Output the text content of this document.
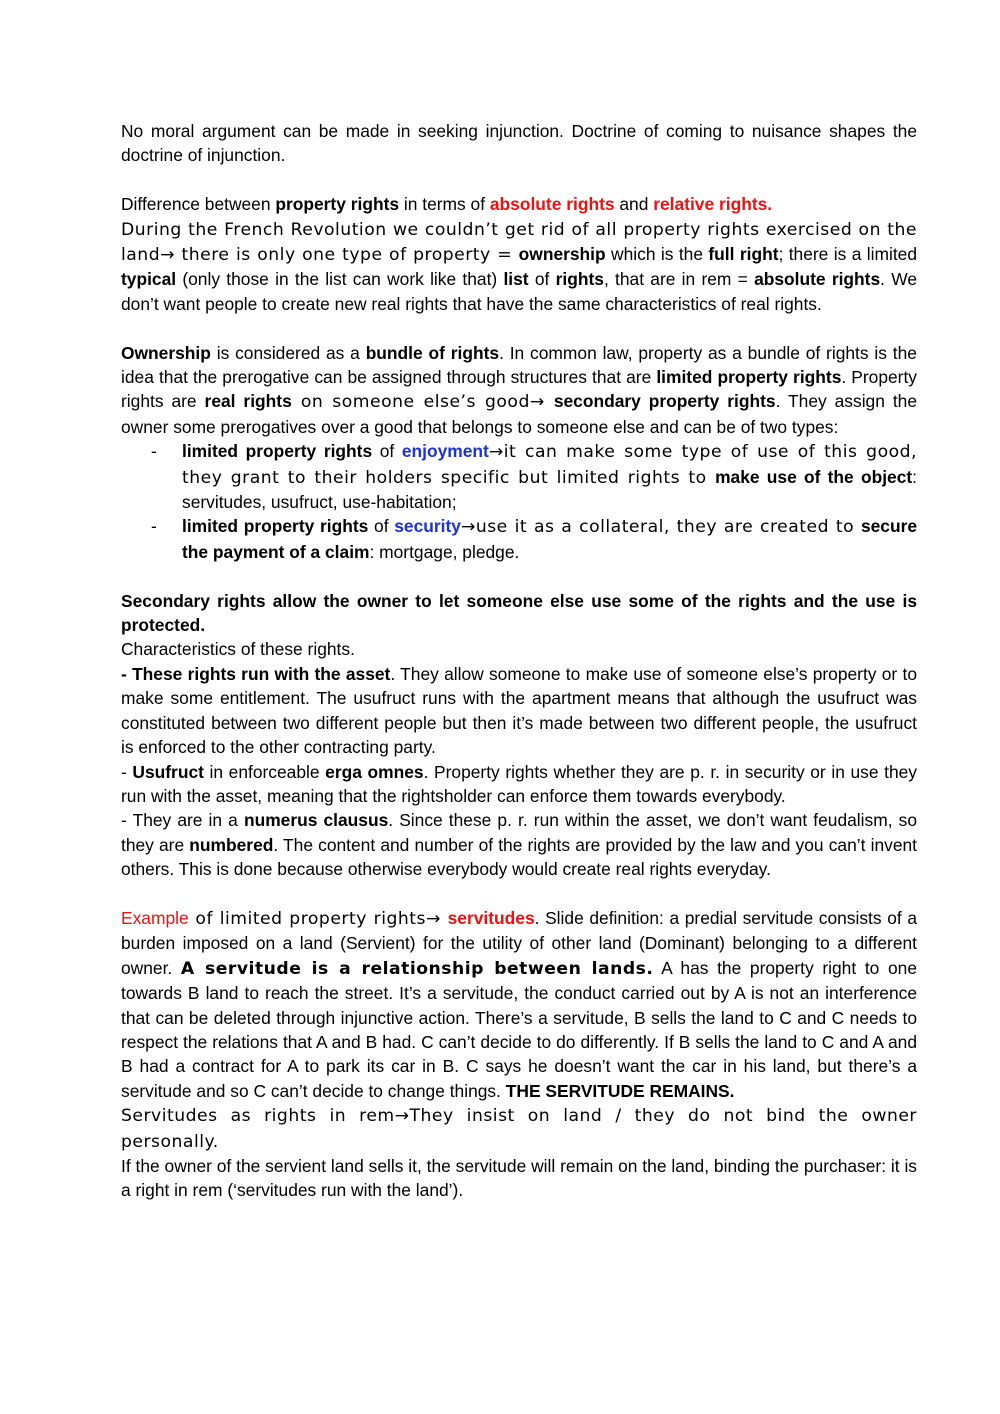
No moral argument can be made in seeking injunction. Doctrine of coming to nuisance shapes the doctrine of injunction.

Difference between property rights in terms of absolute rights and relative rights.

During the French Revolution we couldn’t get rid of all property rights exercised on the land→ there is only one type of property = ownership which is the full right; there is a limited typical (only those in the list can work like that) list of rights, that are in rem = absolute rights. We don’t want people to create new real rights that have the same characteristics of real rights.

Ownership is considered as a bundle of rights. In common law, property as a bundle of rights is the idea that the prerogative can be assigned through structures that are limited property rights. Property rights are real rights on someone else’s good→ secondary property rights. They assign the owner some prerogatives over a good that belongs to someone else and can be of two types:

- limited property rights of enjoyment→it can make some type of use of this good, they grant to their holders specific but limited rights to make use of the object: servitudes, usufruct, use-habitation;
- limited property rights of security→use it as a collateral, they are created to secure the payment of a claim: mortgage, pledge.

Secondary rights allow the owner to let someone else use some of the rights and the use is protected.

Characteristics of these rights.

- These rights run with the asset. They allow someone to make use of someone else’s property or to make some entitlement. The usufruct runs with the apartment means that although the usufruct was constituted between two different people but then it’s made between two different people, the usufruct is enforced to the other contracting party.

- Usufruct in enforceable erga omnes. Property rights whether they are p. r. in security or in use they run with the asset, meaning that the rightsholder can enforce them towards everybody.

- They are in a numerus clausus. Since these p. r. run within the asset, we don’t want feudalism, so they are numbered. The content and number of the rights are provided by the law and you can’t invent others. This is done because otherwise everybody would create real rights everyday.

Example of limited property rights→ servitudes. Slide definition: a predial servitude consists of a burden imposed on a land (Servient) for the utility of other land (Dominant) belonging to a different owner. A servitude is a relationship between lands. A has the property right to one towards B land to reach the street. It’s a servitude, the conduct carried out by A is not an interference that can be deleted through injunctive action. There’s a servitude, B sells the land to C and C needs to respect the relations that A and B had. C can’t decide to do differently. If B sells the land to C and A and B had a contract for A to park its car in B. C says he doesn’t want the car in his land, but there’s a servitude and so C can’t decide to change things. THE SERVITUDE REMAINS.

Servitudes as rights in rem→They insist on land / they do not bind the owner personally.

If the owner of the servient land sells it, the servitude will remain on the land, binding the purchaser: it is a right in rem (‘servitudes run with the land’).
